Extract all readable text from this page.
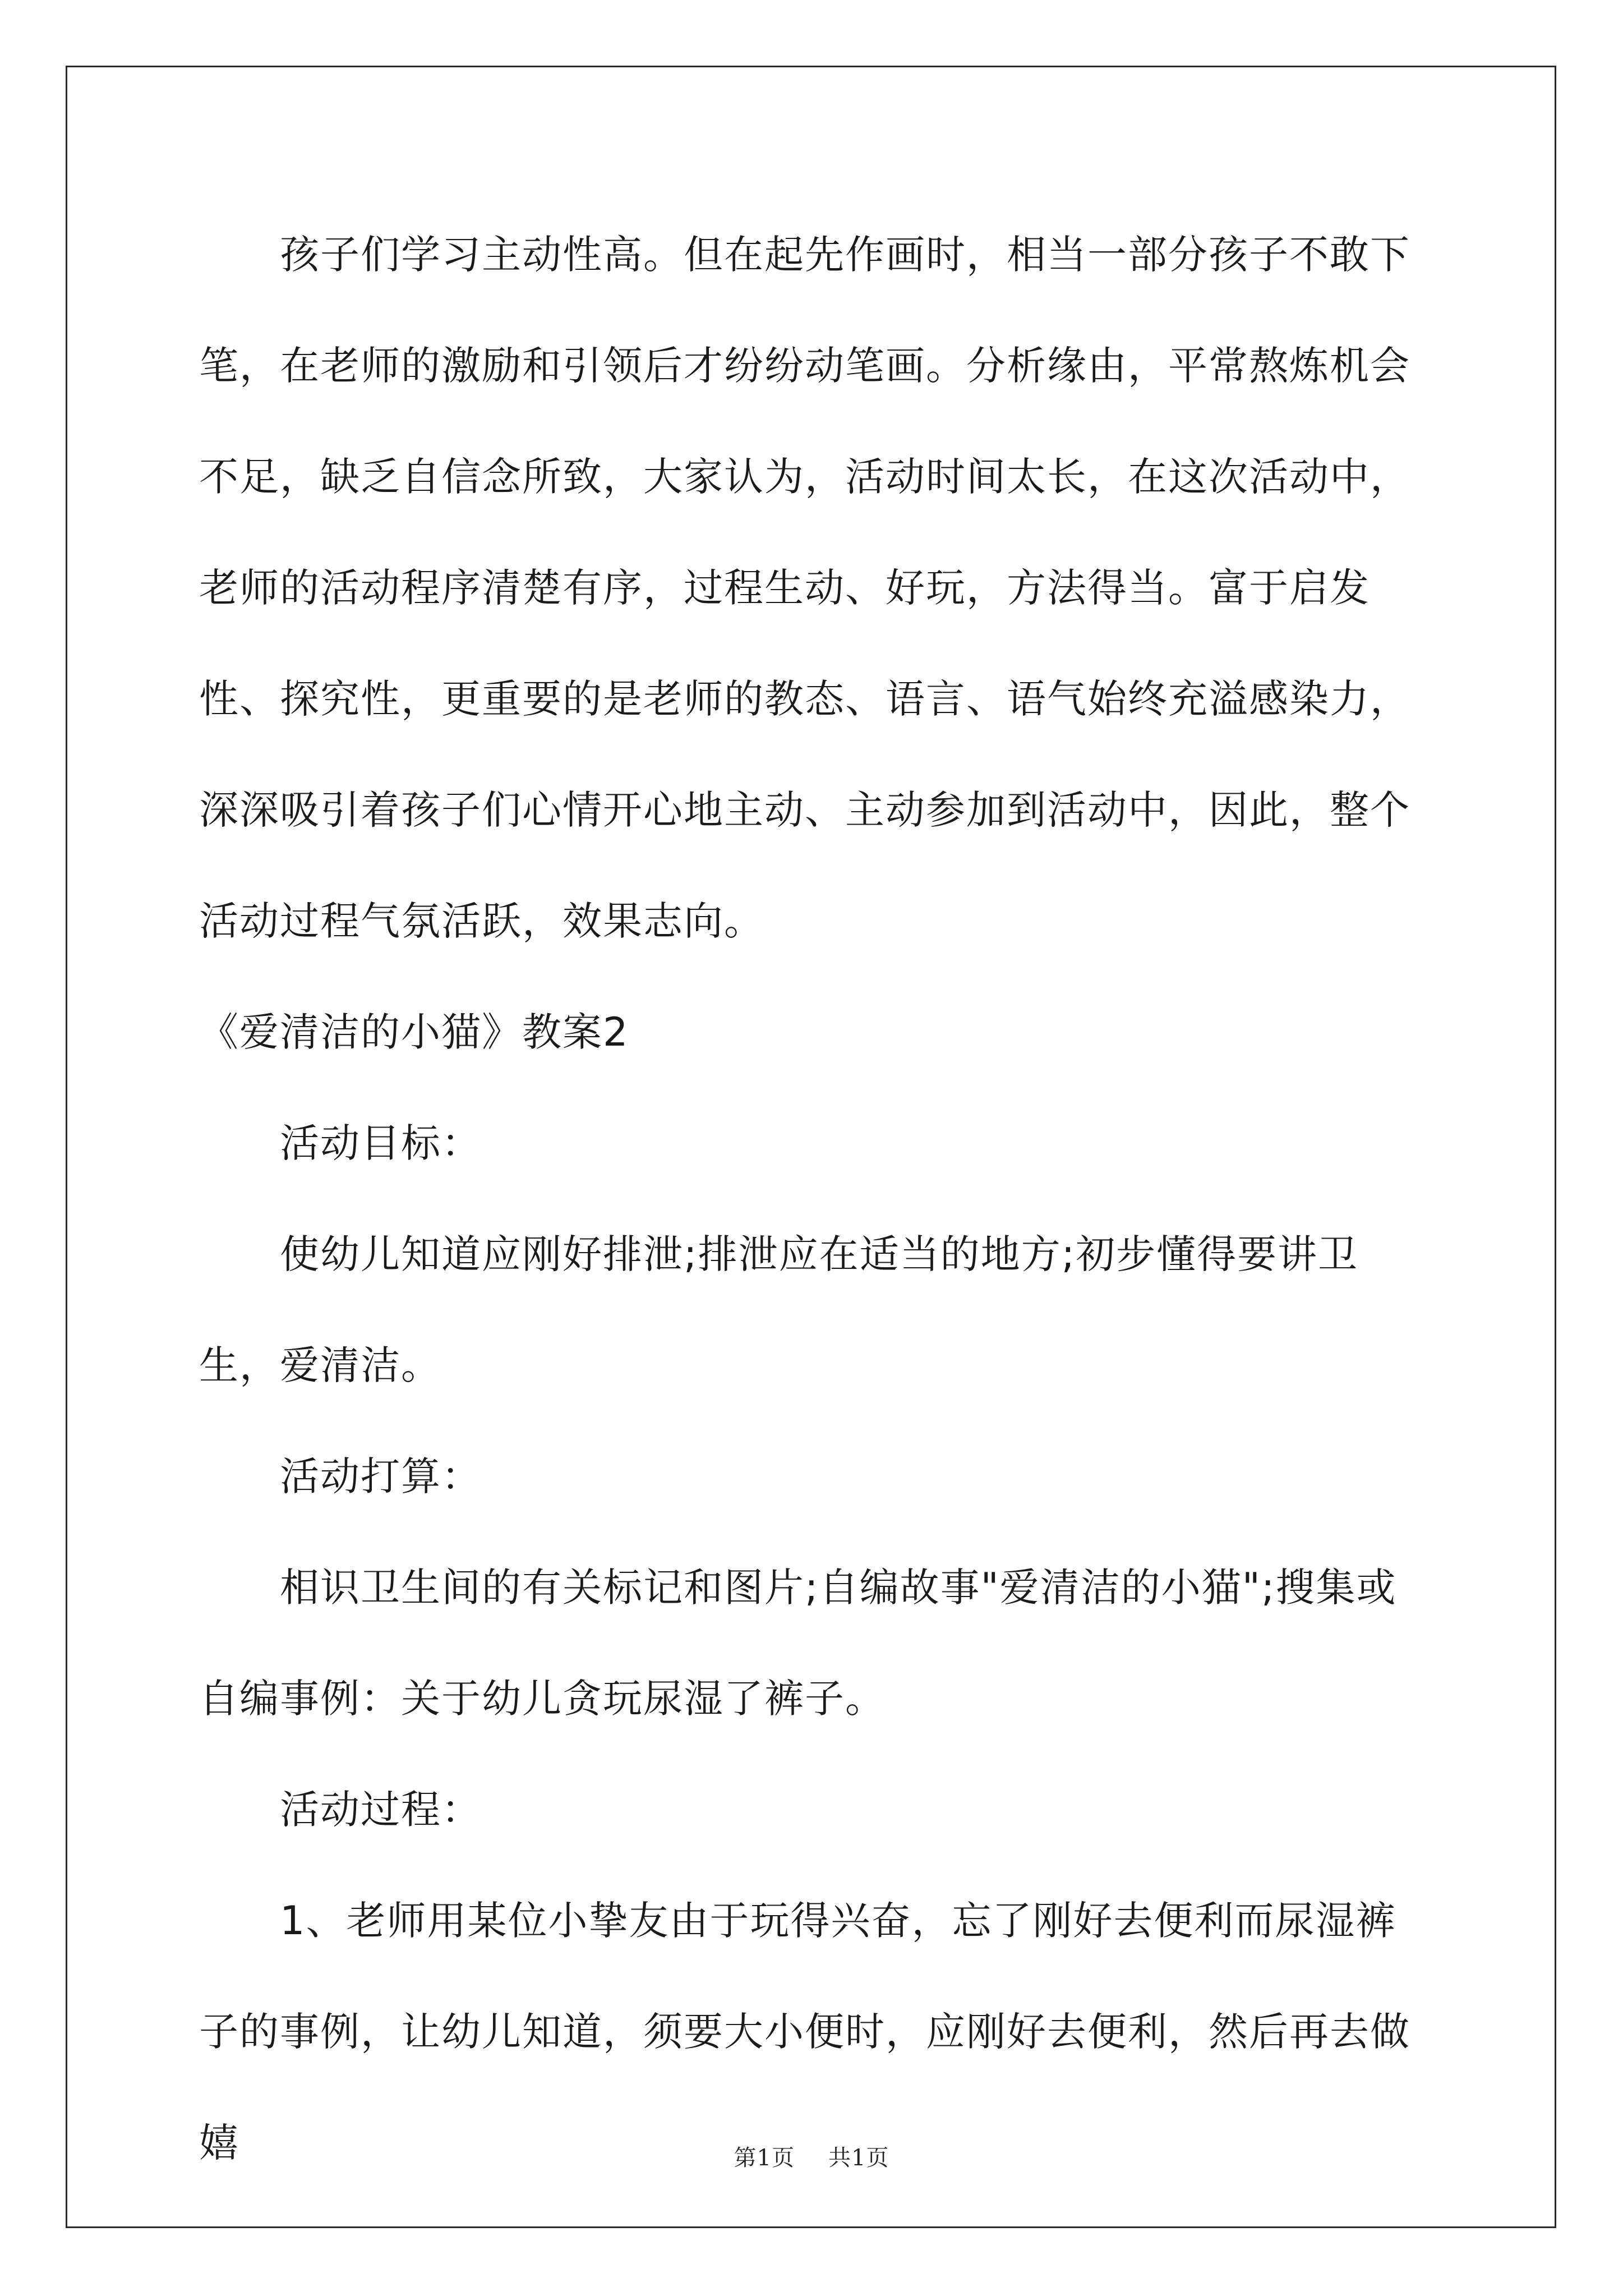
孩子们学习主动性高。但在起先作画时，相当一部分孩子不敢下笔，在老师的激励和引领后才纷纷动笔画。分析缘由，平常熬炼机会不足，缺乏自信念所致，大家认为，活动时间太长，在这次活动中，

老师的活动程序清楚有序，过程生动、好玩，方法得当。富于启发性、探究性，更重要的是老师的教态、语言、语气始终充溢感染力，深深吸引着孩子们心情开心地主动、主动参加到活动中，因此，整个活动过程气氛活跃，效果志向。

《爱清洁的小猫》教案2

活动目标：

使幼儿知道应刚好排泄;排泄应在适当的地方;初步懂得要讲卫生，爱清洁。

活动打算：

相识卫生间的有关标记和图片;自编故事"爱清洁的小猫";搜集或自编事例：关于幼儿贪玩尿湿了裤子。

活动过程：

1、老师用某位小挚友由于玩得兴奋，忘了刚好去便利而尿湿裤子的事例，让幼儿知道，须要大小便时，应刚好去便利，然后再去做嬉	第1页 共1页
